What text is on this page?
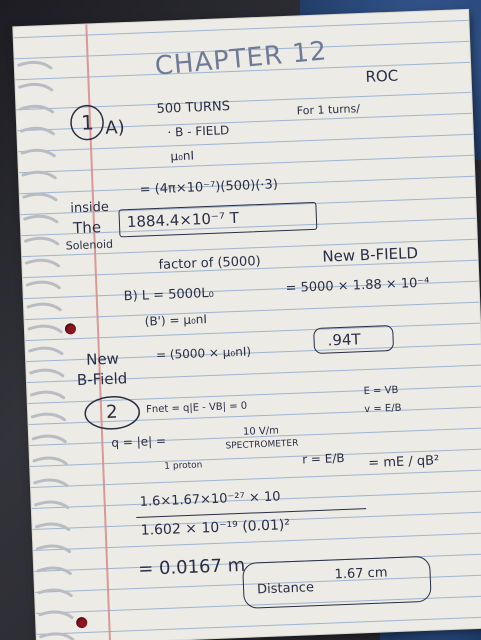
CHAPTER 12 ROC
1 A)
500 TURNS
· B - FIELD
For 1 turns/
μ₀nI
= (4π×10⁻⁷)(500)(·3)
inside
The
Solenoid
1884.4×10⁻⁷ T
factor of (5000)	New B-FIELD
B) L = 5000L₀	= 5000 × 1.88 × 10⁻⁴
(B') = μ₀nI
.94T
New
B-Field
= (5000 × μ₀nI)
2	Fnet = q|E - VB| = 0
E = VB
v = E/B
q = |e| =
10 V/m
SPECTROMETER
1 proton	r = E/B = mE / qB²
1.6×1.67×10⁻²⁷ × 10
1.602 × 10⁻¹⁹ (0.01)²
= 0.0167 m
Distance
1.67 cm
